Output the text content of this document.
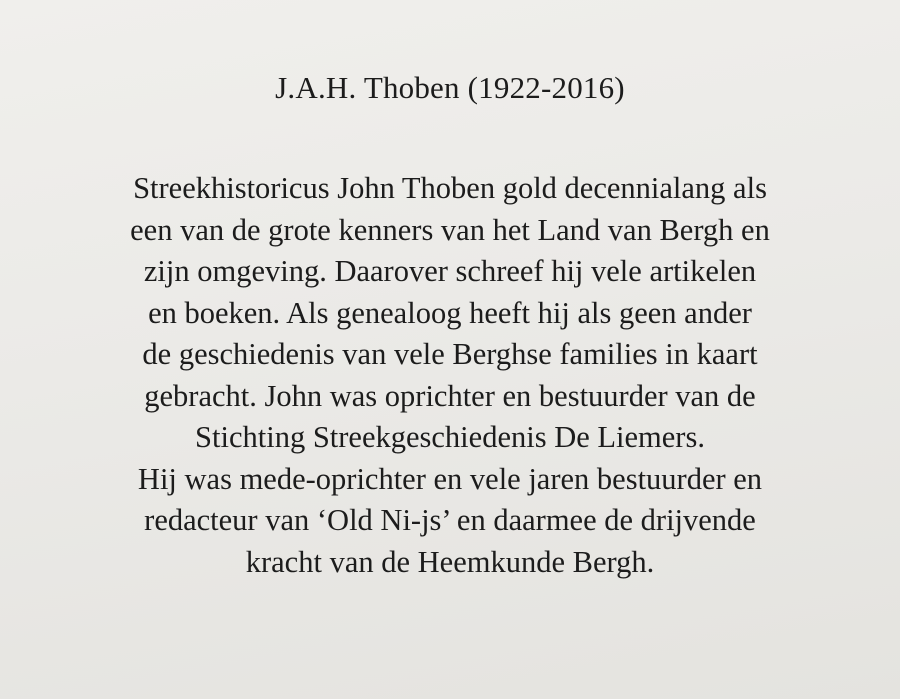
J.A.H. Thoben (1922-2016)
Streekhistoricus John Thoben gold decennialang als
een van de grote kenners van het Land van Bergh en
zijn omgeving. Daarover schreef hij vele artikelen
en boeken. Als genealoog heeft hij als geen ander
de geschiedenis van vele Berghse families in kaart
gebracht. John was oprichter en bestuurder van de
Stichting Streekgeschiedenis De Liemers.
Hij was mede-oprichter en vele jaren bestuurder en
redacteur van ‘Old Ni-js’ en daarmee de drijvende
kracht van de Heemkunde Bergh.
